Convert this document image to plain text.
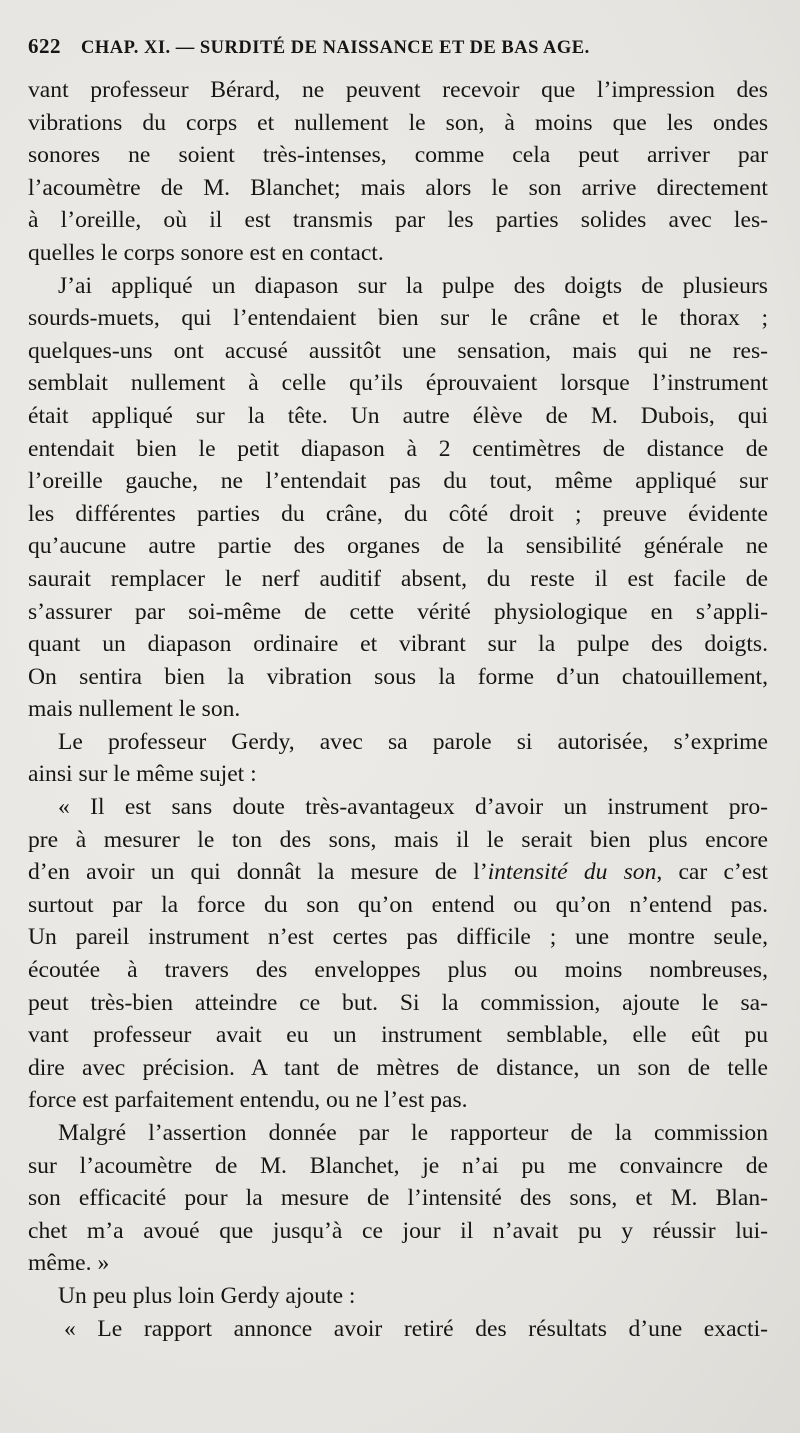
622 CHAP. XI. — SURDITÉ DE NAISSANCE ET DE BAS AGE.
vant professeur Bérard, ne peuvent recevoir que l’impression des
vibrations du corps et nullement le son, à moins que les ondes
sonores ne soient très-intenses, comme cela peut arriver par
l’acoumètre de M. Blanchet; mais alors le son arrive directement
à l’oreille, où il est transmis par les parties solides avec les-
quelles le corps sonore est en contact.
J’ai appliqué un diapason sur la pulpe des doigts de plusieurs
sourds-muets, qui l’entendaient bien sur le crâne et le thorax ;
quelques-uns ont accusé aussitôt une sensation, mais qui ne res-
semblait nullement à celle qu’ils éprouvaient lorsque l’instrument
était appliqué sur la tête. Un autre élève de M. Dubois, qui
entendait bien le petit diapason à 2 centimètres de distance de
l’oreille gauche, ne l’entendait pas du tout, même appliqué sur
les différentes parties du crâne, du côté droit ; preuve évidente
qu’aucune autre partie des organes de la sensibilité générale ne
saurait remplacer le nerf auditif absent, du reste il est facile de
s’assurer par soi-même de cette vérité physiologique en s’appli-
quant un diapason ordinaire et vibrant sur la pulpe des doigts.
On sentira bien la vibration sous la forme d’un chatouillement,
mais nullement le son.
Le professeur Gerdy, avec sa parole si autorisée, s’exprime
ainsi sur le même sujet :
« Il est sans doute très-avantageux d’avoir un instrument pro-
pre à mesurer le ton des sons, mais il le serait bien plus encore
d’en avoir un qui donnât la mesure de l’intensité du son, car c’est
surtout par la force du son qu’on entend ou qu’on n’entend pas.
Un pareil instrument n’est certes pas difficile ; une montre seule,
écoutée à travers des enveloppes plus ou moins nombreuses,
peut très-bien atteindre ce but. Si la commission, ajoute le sa-
vant professeur avait eu un instrument semblable, elle eût pu
dire avec précision. A tant de mètres de distance, un son de telle
force est parfaitement entendu, ou ne l’est pas.
Malgré l’assertion donnée par le rapporteur de la commission
sur l’acoumètre de M. Blanchet, je n’ai pu me convaincre de
son efficacité pour la mesure de l’intensité des sons, et M. Blan-
chet m’a avoué que jusqu’à ce jour il n’avait pu y réussir lui-
même. »
Un peu plus loin Gerdy ajoute :
« Le rapport annonce avoir retiré des résultats d’une exacti-
